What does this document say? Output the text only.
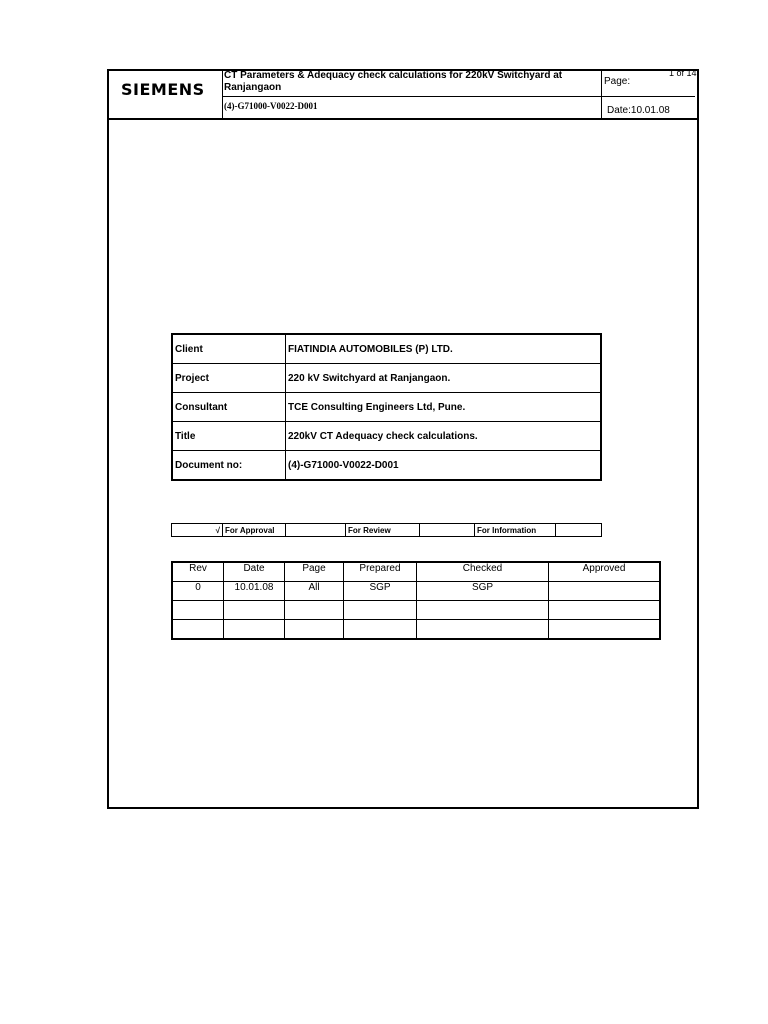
SIEMENS
CT Parameters & Adequacy check calculations for 220kV Switchyard at Ranjangaon
(4)-G71000-V0022-D001
Page:
1 of 14
Date:10.01.08
Client	FIATINDIA AUTOMOBILES (P) LTD.
Project	220 kV Switchyard at Ranjangaon.
Consultant	TCE Consulting Engineers Ltd, Pune.
Title	220kV CT Adequacy check calculations.
Document no:	(4)-G71000-V0022-D001
√	For Approval		For Review		For Information	
Rev	Date	Page	Prepared	Checked	Approved
0	10.01.08	All	SGP	SGP	
